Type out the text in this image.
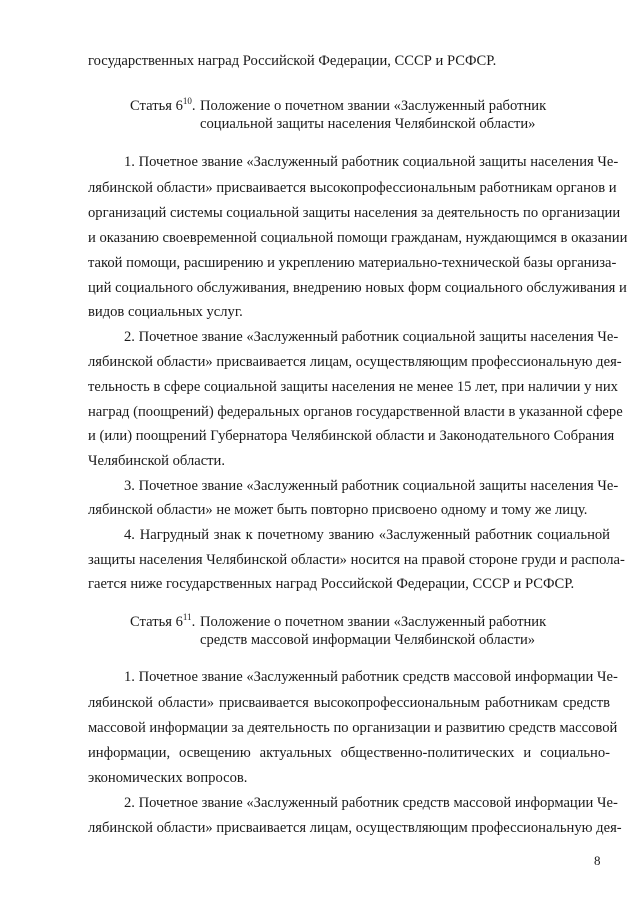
государственных наград Российской Федерации, СССР и РСФСР.
Статья $6^{10}$. Положение о почетном звании «Заслуженный работник
социальной защиты населения Челябинской области»
1. Почетное звание «Заслуженный работник социальной защиты населения Че-
лябинской области» присваивается высокопрофессиональным работникам органов и
организаций системы социальной защиты населения за деятельность по организации
и оказанию своевременной социальной помощи гражданам, нуждающимся в оказании
такой помощи, расширению и укреплению материально-технической базы организа-
ций социального обслуживания, внедрению новых форм социального обслуживания и
видов социальных услуг.
2. Почетное звание «Заслуженный работник социальной защиты населения Че-
лябинской области» присваивается лицам, осуществляющим профессиональную дея-
тельность в сфере социальной защиты населения не менее 15 лет, при наличии у них
наград (поощрений) федеральных органов государственной власти в указанной сфере
и (или) поощрений Губернатора Челябинской области и Законодательного Собрания
Челябинской области.
3. Почетное звание «Заслуженный работник социальной защиты населения Че-
лябинской области» не может быть повторно присвоено одному и тому же лицу.
4. Нагрудный знак к почетному званию «Заслуженный работник социальной
защиты населения Челябинской области» носится на правой стороне груди и распола-
гается ниже государственных наград Российской Федерации, СССР и РСФСР.
Статья $6^{11}$. Положение о почетном звании «Заслуженный работник
средств массовой информации Челябинской области»
1. Почетное звание «Заслуженный работник средств массовой информации Че-
лябинской области» присваивается высокопрофессиональным работникам средств
массовой информации за деятельность по организации и развитию средств массовой
информации, освещению актуальных общественно-политических и социально-
экономических вопросов.
2. Почетное звание «Заслуженный работник средств массовой информации Че-
лябинской области» присваивается лицам, осуществляющим профессиональную дея-
8
